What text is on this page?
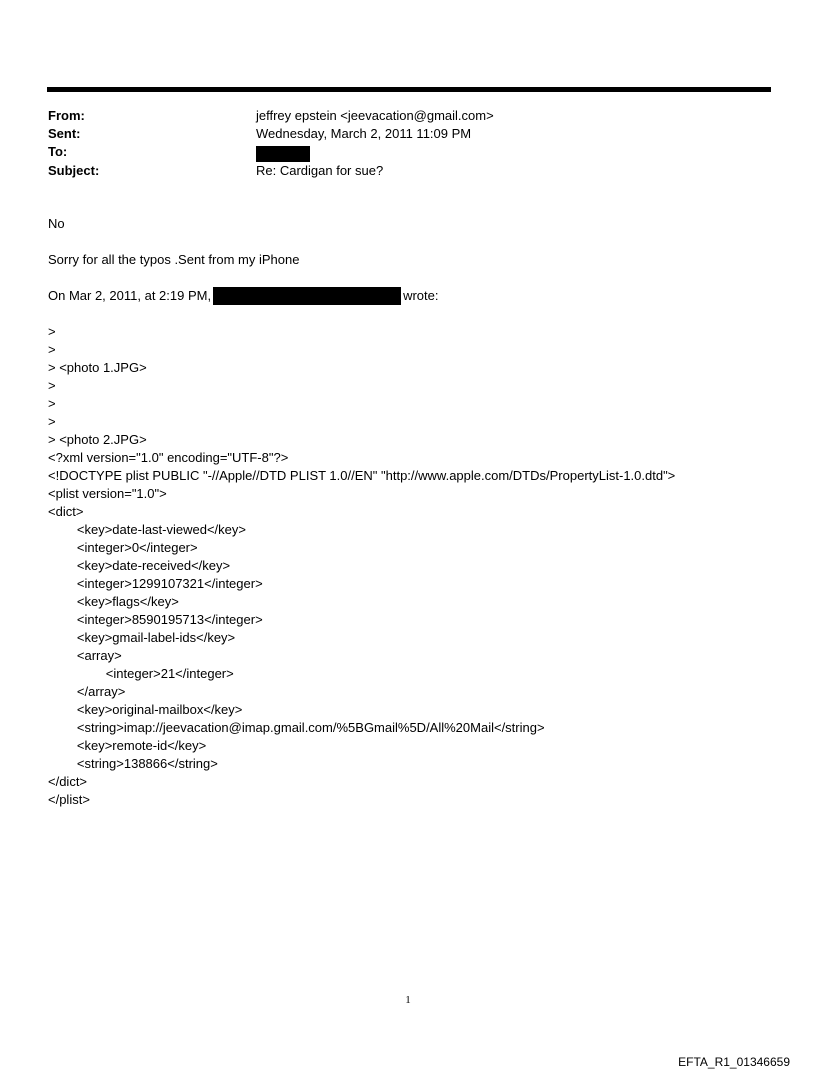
From:	jeffrey epstein <jeevacation@gmail.com>
Sent:	Wednesday, March 2, 2011 11:09 PM
To:
Subject:	Re: Cardigan for sue?
No
Sorry for all the typos .Sent from my iPhone
On Mar 2, 2011, at 2:19 PM,	wrote:
>
>
> <photo 1.JPG>
>
>
>
> <photo 2.JPG>
<?xml version="1.0" encoding="UTF-8"?>
<!DOCTYPE plist PUBLIC "-//Apple//DTD PLIST 1.0//EN" "http://www.apple.com/DTDs/PropertyList-1.0.dtd">
<plist version="1.0">
<dict>
<key>date-last-viewed</key>
<integer>0</integer>
<key>date-received</key>
<integer>1299107321</integer>
<key>flags</key>
<integer>8590195713</integer>
<key>gmail-label-ids</key>
<array>
<integer>21</integer>
</array>
<key>original-mailbox</key>
<string>imap://jeevacation@imap.gmail.com/%5BGmail%5D/All%20Mail</string>
<key>remote-id</key>
<string>138866</string>
</dict>
</plist>
1
EFTA_R1_01346659
